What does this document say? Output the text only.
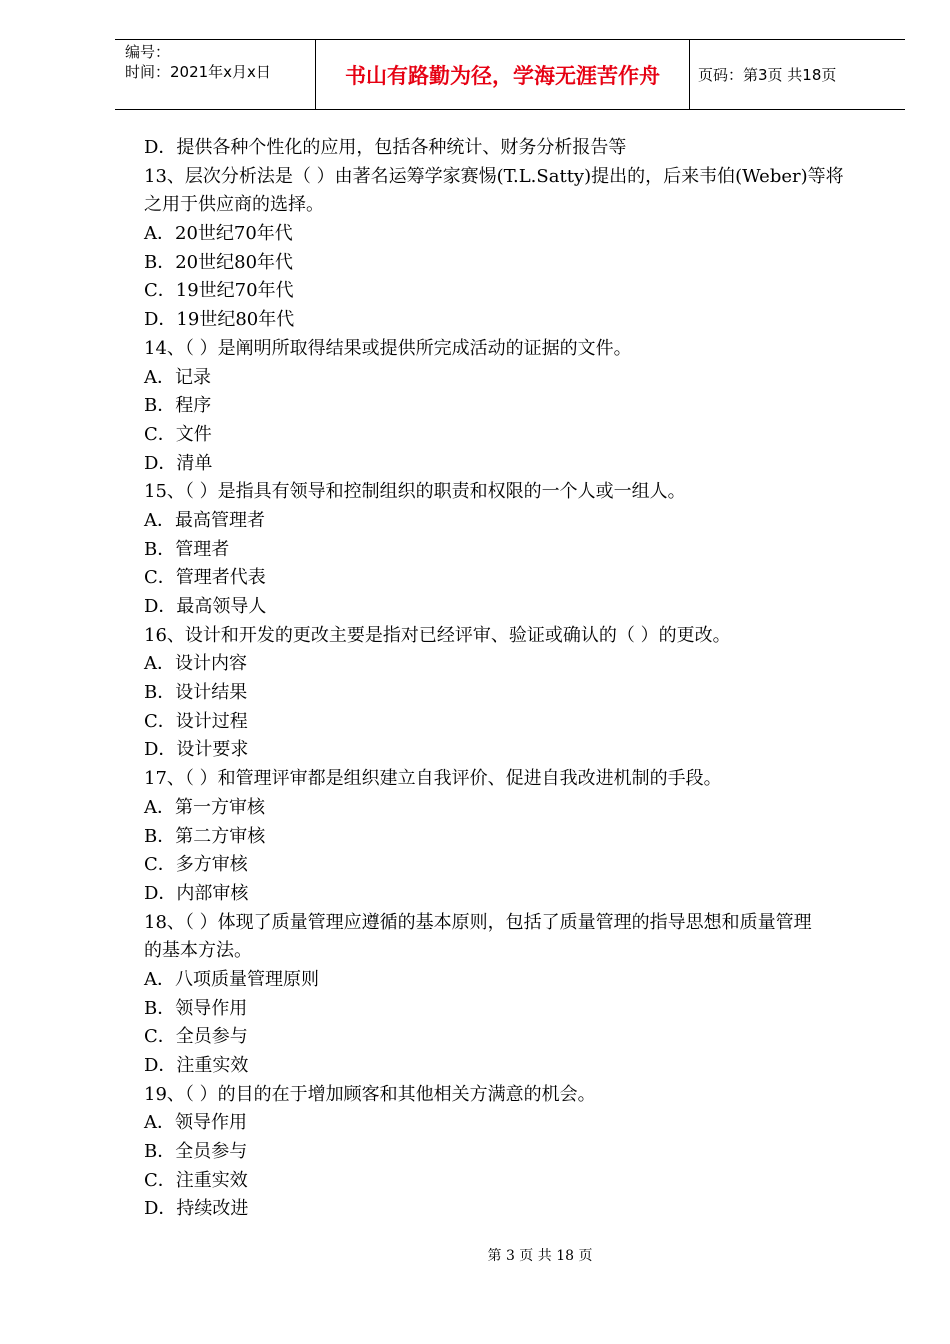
编号：
时间：2021年x月x日	书山有路勤为径，学海无涯苦作舟	页码：第3页 共18页
D．提供各种个性化的应用，包括各种统计、财务分析报告等
13、层次分析法是（ ）由著名运筹学家赛惕(T.L.Satty)提出的，后来韦伯(Weber)等将
之用于供应商的选择。
A．20世纪70年代
B．20世纪80年代
C．19世纪70年代
D．19世纪80年代
14、（ ）是阐明所取得结果或提供所完成活动的证据的文件。
A．记录
B．程序
C．文件
D．清单
15、（ ）是指具有领导和控制组织的职责和权限的一个人或一组人。
A．最高管理者
B．管理者
C．管理者代表
D．最高领导人
16、设计和开发的更改主要是指对已经评审、验证或确认的（ ）的更改。
A．设计内容
B．设计结果
C．设计过程
D．设计要求
17、（ ）和管理评审都是组织建立自我评价、促进自我改进机制的手段。
A．第一方审核
B．第二方审核
C．多方审核
D．内部审核
18、（ ）体现了质量管理应遵循的基本原则，包括了质量管理的指导思想和质量管理
的基本方法。
A．八项质量管理原则
B．领导作用
C．全员参与
D．注重实效
19、（ ）的目的在于增加顾客和其他相关方满意的机会。
A．领导作用
B．全员参与
C．注重实效
D．持续改进
第 3 页 共 18 页
